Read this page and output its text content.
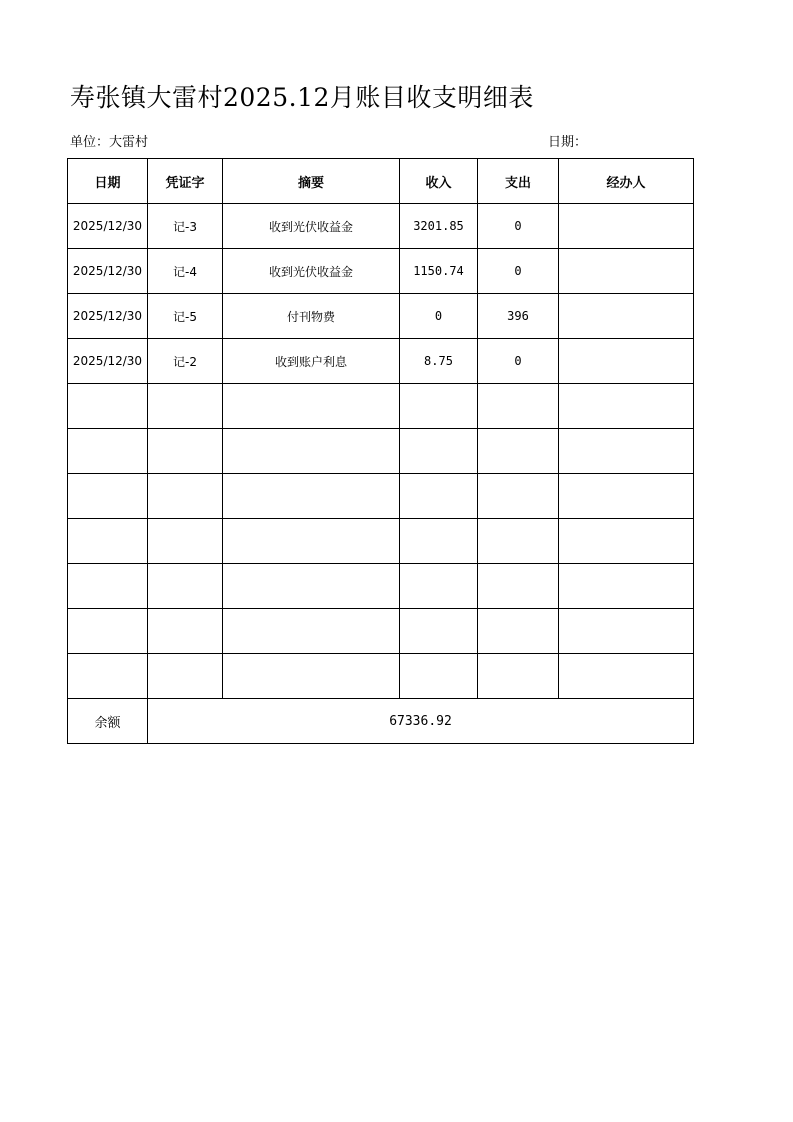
寿张镇大雷村2025.12月账目收支明细表
单位：大雷村	日期：
日期	凭证字	摘要	收入	支出	经办人
2025/12/30	记-3	收到光伏收益金	3201.85	0	
2025/12/30	记-4	收到光伏收益金	1150.74	0	
2025/12/30	记-5	付刊物费	0	396	
2025/12/30	记-2	收到账户利息	8.75	0	

余额	67336.92				
